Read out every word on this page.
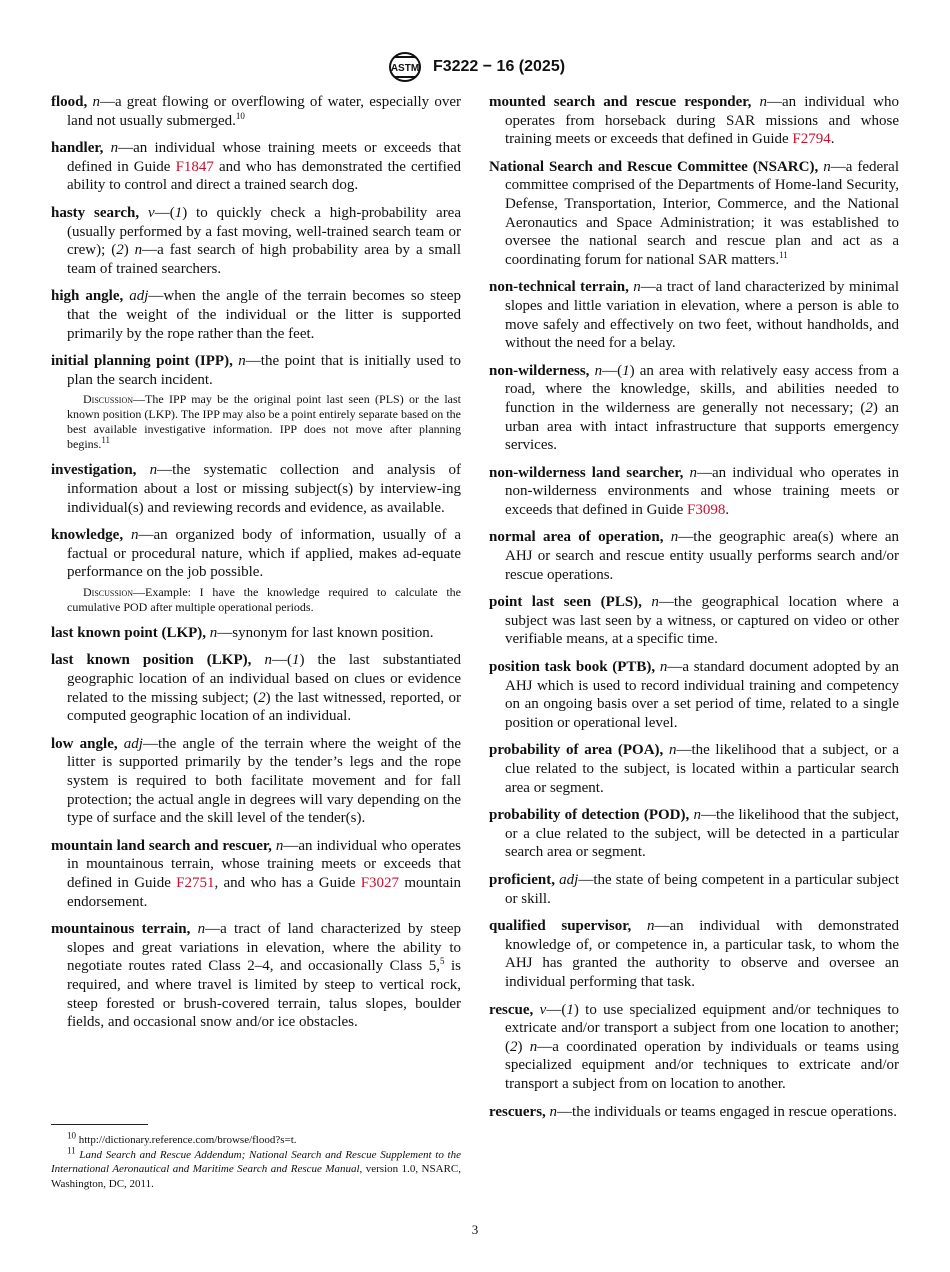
ASTM F3222 − 16 (2025)

flood, n—a great flowing or overflowing of water, especially over land not usually submerged.$^{10}$

handler, n—an individual whose training meets or exceeds that defined in Guide F1847 and who has demonstrated the certified ability to control and direct a trained search dog.

hasty search, v—(1) to quickly check a high-probability area (usually performed by a fast moving, well-trained search team or crew); (2) n—a fast search of high probability area by a small team of trained searchers.

high angle, adj—when the angle of the terrain becomes so steep that the weight of the individual or the litter is supported primarily by the rope rather than the feet.

initial planning point (IPP), n—the point that is initially used to plan the search incident.

Discussion—The IPP may be the original point last seen (PLS) or the last known position (LKP). The IPP may also be a point entirely separate based on the best available investigative information. IPP does not move after planning begins.$^{11}$

investigation, n—the systematic collection and analysis of information about a lost or missing subject(s) by interview-ing individual(s) and reviewing records and evidence, as available.

knowledge, n—an organized body of information, usually of a factual or procedural nature, which if applied, makes ad-equate performance on the job possible.

Discussion—Example: I have the knowledge required to calculate the cumulative POD after multiple operational periods.

last known point (LKP), n—synonym for last known position.

last known position (LKP), n—(1) the last substantiated geographic location of an individual based on clues or evidence related to the missing subject; (2) the last witnessed, reported, or computed geographic location of an individual.

low angle, adj—the angle of the terrain where the weight of the litter is supported primarily by the tender’s legs and the rope system is required to both facilitate movement and for fall protection; the actual angle in degrees will vary depending on the type of surface and the skill level of the tender(s).

mountain land search and rescuer, n—an individual who operates in mountainous terrain, whose training meets or exceeds that defined in Guide F2751, and who has a Guide F3027 mountain endorsement.

mountainous terrain, n—a tract of land characterized by steep slopes and great variations in elevation, where the ability to negotiate routes rated Class 2–4, and occasionally Class 5,$^5$ is required, and where travel is limited by steep to vertical rock, steep forested or brush-covered terrain, talus slopes, boulder fields, and occasional snow and/or ice obstacles.

mounted search and rescue responder, n—an individual who operates from horseback during SAR missions and whose training meets or exceeds that defined in Guide F2794.

National Search and Rescue Committee (NSARC), n—a federal committee comprised of the Departments of Home-land Security, Defense, Transportation, Interior, Commerce, and the National Aeronautics and Space Administration; it was established to oversee the national search and rescue plan and act as a coordinating forum for national SAR matters.$^{11}$

non-technical terrain, n—a tract of land characterized by minimal slopes and little variation in elevation, where a person is able to move safely and effectively on two feet, without handholds, and without the need for a belay.

non-wilderness, n—(1) an area with relatively easy access from a road, where the knowledge, skills, and abilities needed to function in the wilderness are generally not necessary; (2) an urban area with intact infrastructure that supports emergency services.

non-wilderness land searcher, n—an individual who operates in non-wilderness environments and whose training meets or exceeds that defined in Guide F3098.

normal area of operation, n—the geographic area(s) where an AHJ or search and rescue entity usually performs search and/or rescue operations.

point last seen (PLS), n—the geographical location where a subject was last seen by a witness, or captured on video or other verifiable means, at a specific time.

position task book (PTB), n—a standard document adopted by an AHJ which is used to record individual training and competency on an ongoing basis over a set period of time, related to a single position or operational level.

probability of area (POA), n—the likelihood that a subject, or a clue related to the subject, is located within a particular search area or segment.

probability of detection (POD), n—the likelihood that the subject, or a clue related to the subject, will be detected in a particular search area or segment.

proficient, adj—the state of being competent in a particular subject or skill.

qualified supervisor, n—an individual with demonstrated knowledge of, or competence in, a particular task, to whom the AHJ has granted the authority to observe and oversee an individual performing that task.

rescue, v—(1) to use specialized equipment and/or techniques to extricate and/or transport a subject from one location to another; (2) n—a coordinated operation by individuals or teams using specialized equipment and/or techniques to extricate and/or transport a subject from on location to another.

rescuers, n—the individuals or teams engaged in rescue operations.

$^{10}$ http://dictionary.reference.com/browse/flood?s=t.

$^{11}$ Land Search and Rescue Addendum; National Search and Rescue Supplement to the International Aeronautical and Maritime Search and Rescue Manual, version 1.0, NSARC, Washington, DC, 2011.

3
